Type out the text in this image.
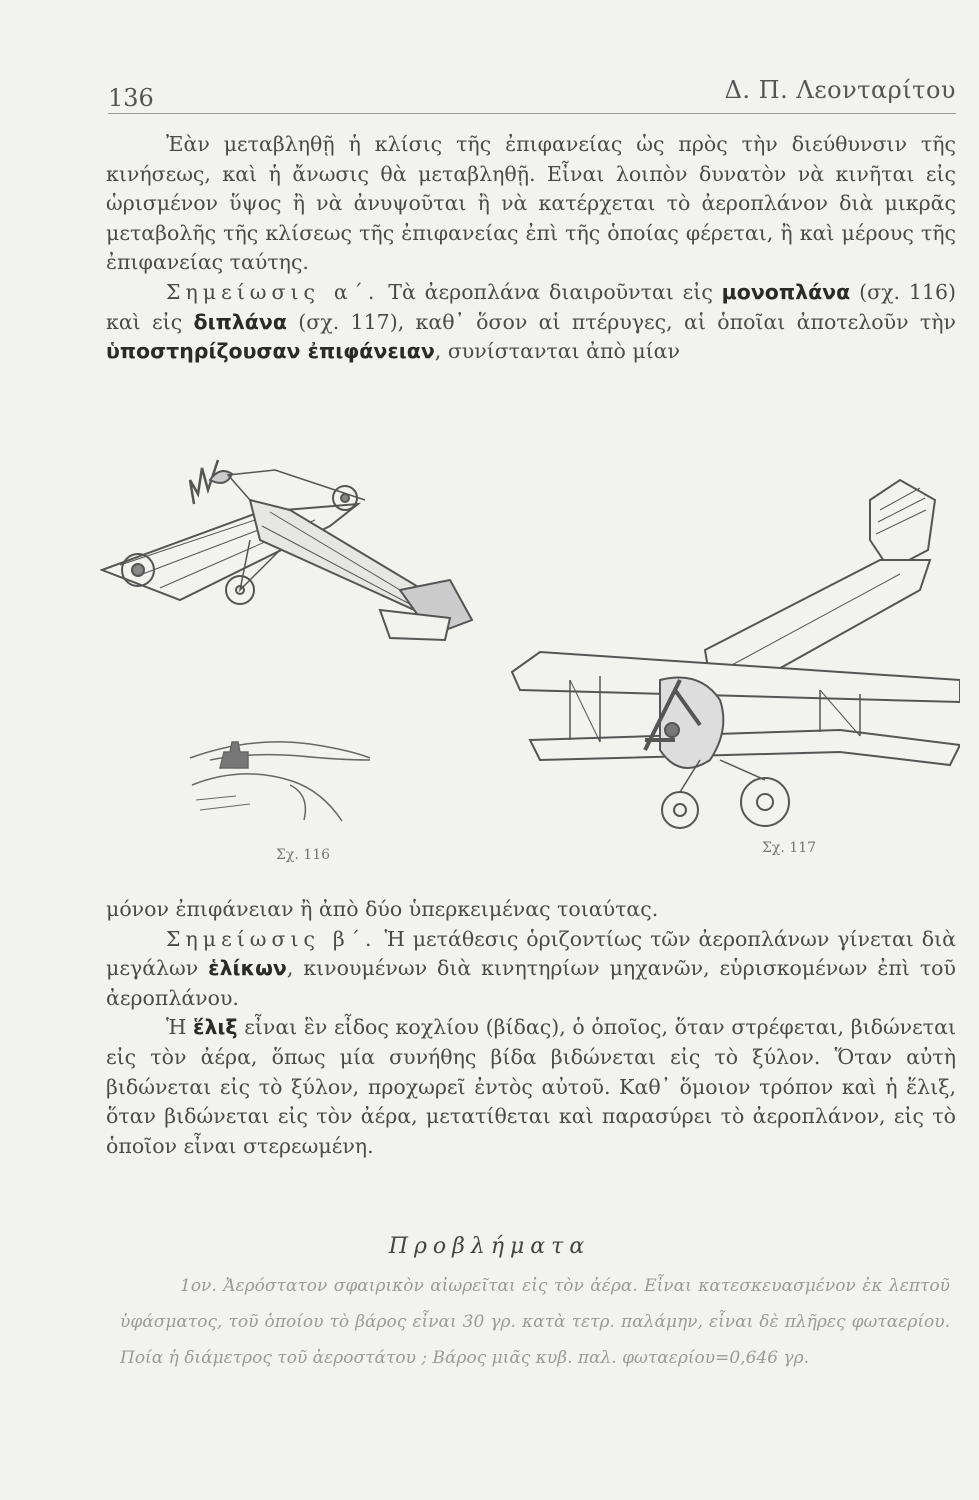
136	Δ. Π. Λεονταρίτου

Ἐὰν μεταβληθῇ ἡ κλίσις τῆς ἐπιφανείας ὡς πρὸς τὴν διεύθυνσιν τῆς κινήσεως, καὶ ἡ ἄνωσις θὰ μεταβληθῇ. Εἶναι λοιπὸν δυνατὸν νὰ κινῆται εἰς ὡρισμένον ὕψος ἢ νὰ ἀνυψοῦται ἢ νὰ κατέρχεται τὸ ἀεροπλάνον διὰ μικρᾶς μεταβολῆς τῆς κλίσεως τῆς ἐπιφανείας ἐπὶ τῆς ὁποίας φέρεται, ἢ καὶ μέρους τῆς ἐπιφανείας ταύτης.

Σημείωσις α΄. Τὰ ἀεροπλάνα διαιροῦνται εἰς μονοπλάνα (σχ. 116) καὶ εἰς διπλάνα (σχ. 117), καθ᾽ ὅσον αἱ πτέρυγες, αἱ ὁποῖαι ἀποτελοῦν τὴν ὑποστηρίζουσαν ἐπιφάνειαν, συνίστανται ἀπὸ μίαν

Σχ. 116	Σχ. 117

μόνον ἐπιφάνειαν ἢ ἀπὸ δύο ὑπερκειμένας τοιαύτας.

Σημείωσις β΄. Ἡ μετάθεσις ὁριζοντίως τῶν ἀεροπλάνων γίνεται διὰ μεγάλων ἑλίκων, κινουμένων διὰ κινητηρίων μηχανῶν, εὑρισκομένων ἐπὶ τοῦ ἀεροπλάνου.

Ἡ ἕλιξ εἶναι ἓν εἶδος κοχλίου (βίδας), ὁ ὁποῖος, ὅταν στρέφεται, βιδώνεται εἰς τὸν ἀέρα, ὅπως μία συνήθης βίδα βιδώνεται εἰς τὸ ξύλον. Ὅταν αὐτὴ βιδώνεται εἰς τὸ ξύλον, προχωρεῖ ἐντὸς αὐτοῦ. Καθ᾽ ὅμοιον τρόπον καὶ ἡ ἕλιξ, ὅταν βιδώνεται εἰς τὸν ἀέρα, μετατίθεται καὶ παρασύρει τὸ ἀεροπλάνον, εἰς τὸ ὁποῖον εἶναι στερεωμένη.

Προβλήματα

1ον. Ἀερόστατον σφαιρικὸν αἰωρεῖται εἰς τὸν ἀέρα. Εἶναι κατεσκευασμένον ἐκ λεπτοῦ ὑφάσματος, τοῦ ὁποίου τὸ βάρος εἶναι 30 γρ. κατὰ τετρ. παλάμην, εἶναι δὲ πλῆρες φωταερίου. Ποία ἡ διάμετρος τοῦ ἀεροστάτου ; Βάρος μιᾶς κυβ. παλ. φωταερίου=0,646 γρ.
